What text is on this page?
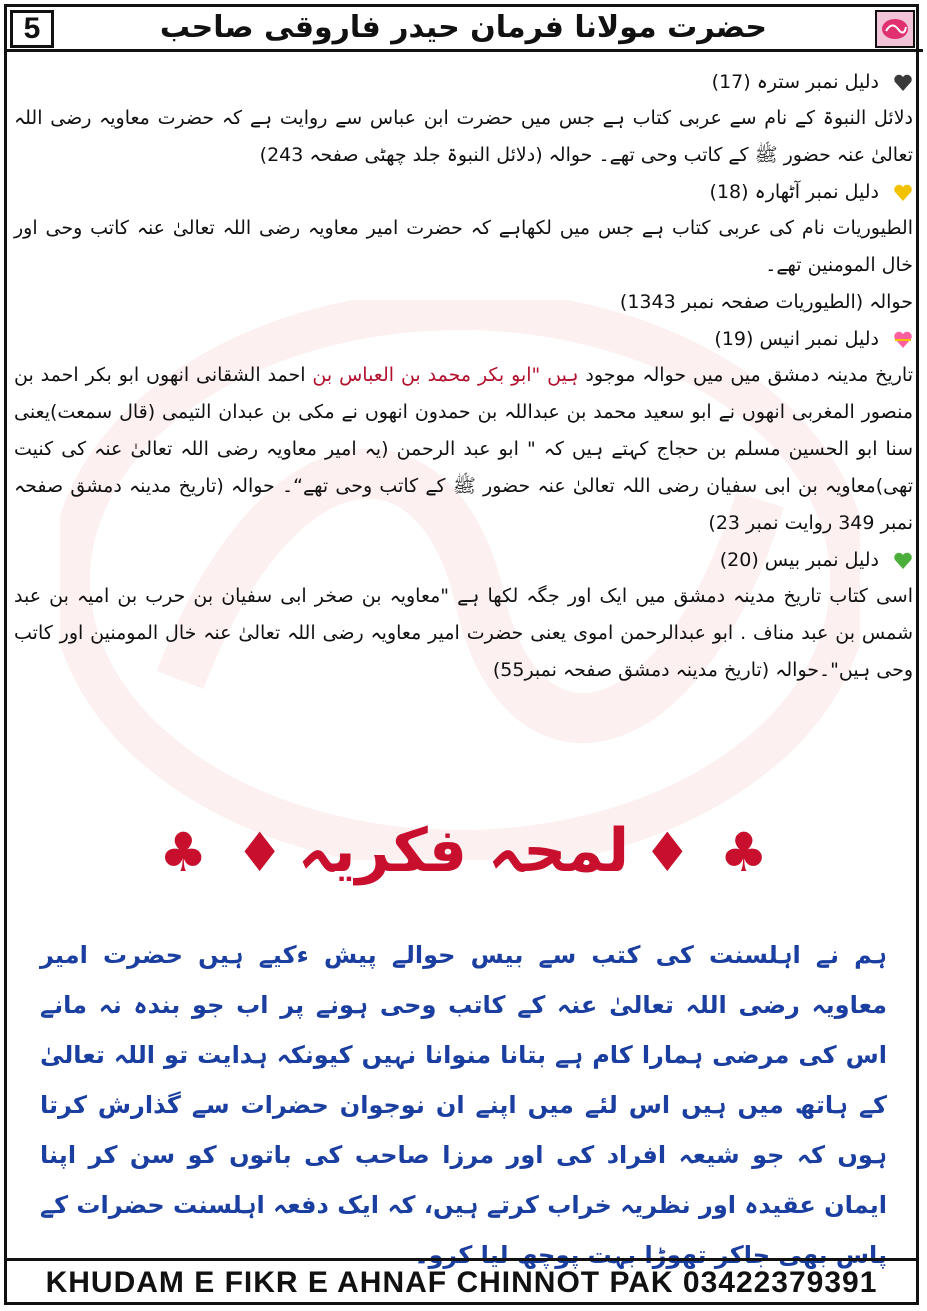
5	حضرت مولانا فرمان حیدر فاروقی صاحب
دلیل نمبر سترہ (17)

دلائل النبوۃ کے نام سے عربی کتاب ہے جس میں حضرت ابن عباس سے روایت ہے کہ حضرت معاویہ رضی اللہ تعالیٰ عنہ حضور ﷺ کے کاتب وحی تھے۔ حوالہ (دلائل النبوۃ جلد چھٹی صفحہ 243)

دلیل نمبر آٹھارہ (18)

الطیوریات نام کی عربی کتاب ہے جس میں لکھاہے کہ حضرت امیر معاویہ رضی اللہ تعالیٰ عنہ کاتب وحی اور خال المومنین تھے۔

حوالہ (الطیوریات صفحہ نمبر 1343)

دلیل نمبر انیس (19)

تاریخ مدینہ دمشق میں میں حوالہ موجود ہیں "ابو بکر محمد بن العباس بن احمد الشقانی انھوں ابو بکر احمد بن منصور المغربی انھوں نے ابو سعید محمد بن عبداللہ بن حمدون انھوں نے مکی بن عبدان التیمی (قال سمعت)یعنی سنا ابو الحسین مسلم بن حجاج کہتے ہیں کہ " ابو عبد الرحمن (یہ امیر معاویہ رضی اللہ تعالیٰ عنہ کی کنیت تھی)معاویہ بن ابی سفیان رضی اللہ تعالیٰ عنہ حضور ﷺ کے کاتب وحی تھے“۔ حوالہ (تاریخ مدینہ دمشق صفحہ نمبر 349 روایت نمبر 23)

دلیل نمبر بیس (20)

اسی کتاب تاریخ مدینہ دمشق میں ایک اور جگہ لکھا ہے "معاویہ بن صخر ابی سفیان بن حرب بن امیہ بن عبد شمس بن عبد مناف . ابو عبدالرحمن اموی یعنی حضرت امیر معاویہ رضی اللہ تعالیٰ عنہ خال المومنین اور کاتب وحی ہیں"۔حوالہ (تاریخ مدینہ دمشق صفحہ نمبر55)

♣♦لمحہ فکریہ♦♣
ہم نے اہلسنت کی کتب سے بیس حوالے پیش ءکیے ہیں حضرت امیر معاویہ رضی اللہ تعالیٰ عنہ کے کاتب وحی ہونے پر اب جو بندہ نہ مانے اس کی مرضی ہمارا کام ہے بتانا منوانا نہیں کیونکہ ہدایت تو اللہ تعالیٰ کے ہاتھ میں ہیں اس لئے میں اپنے ان نوجوان حضرات سے گذارش کرتا ہوں کہ جو شیعہ افراد کی اور مرزا صاحب کی باتوں کو سن کر اپنا ایمان عقیدہ اور نظریہ خراب کرتے ہیں، کہ ایک دفعہ اہلسنت حضرات کے پاس بھی جاکر تھوڑا بہت پوچھ لیا کرو۔
KHUDAM E FIKR E AHNAF CHINNOT PAK 03422379391
